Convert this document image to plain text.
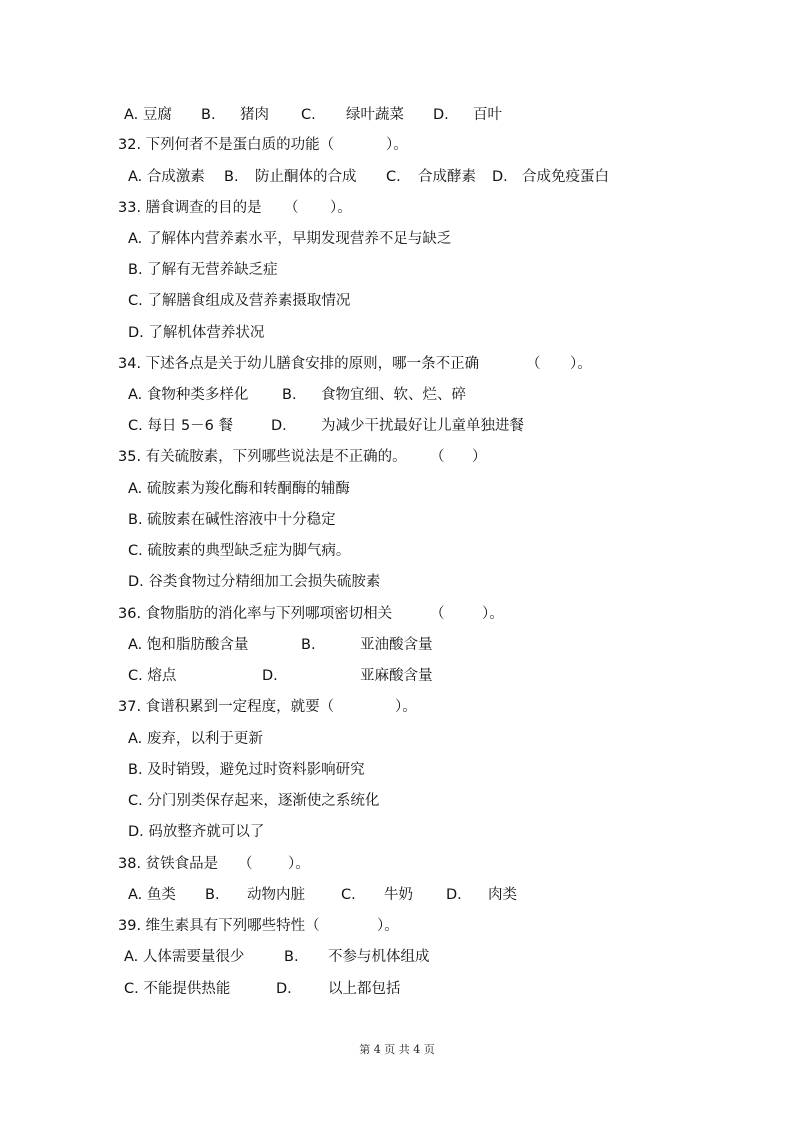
A. 豆腐 B. 猪肉 C. 绿叶蔬菜 D. 百叶
32. 下列何者不是蛋白质的功能（	）。
A. 合成激素 B. 防止酮体的合成 C. 合成酵素 D. 合成免疫蛋白
33. 膳食调查的目的是 （ ）。
A. 了解体内营养素水平，早期发现营养不足与缺乏
B. 了解有无营养缺乏症
C. 了解膳食组成及营养素摄取情况
D. 了解机体营养状况
34. 下述各点是关于幼儿膳食安排的原则，哪一条不正确	（ ）。
A. 食物种类多样化 B. 食物宜细、软、烂、碎
C. 每日 5－6 餐	D. 为减少干扰最好让儿童单独进餐
35. 有关硫胺素，下列哪些说法是不正确的。 （ ）
A. 硫胺素为羧化酶和转酮酶的辅酶
B. 硫胺素在碱性溶液中十分稳定
C. 硫胺素的典型缺乏症为脚气病。
D. 谷类食物过分精细加工会损失硫胺素
36. 食物脂肪的消化率与下列哪项密切相关	（	）。
A. 饱和脂肪酸含量	B.	亚油酸含量
C. 熔点	D.	亚麻酸含量
37. 食谱积累到一定程度，就要（	）。
A. 废弃，以利于更新
B. 及时销毁，避免过时资料影响研究
C. 分门别类保存起来，逐渐使之系统化
D. 码放整齐就可以了
38. 贫铁食品是 （ ）。
A. 鱼类 B. 动物内脏 C. 牛奶 D. 肉类
39. 维生素具有下列哪些特性（	）。
A. 人体需要量很少	B. 不参与机体组成
C. 不能提供热能	D. 以上都包括
第 4 页 共 4 页
